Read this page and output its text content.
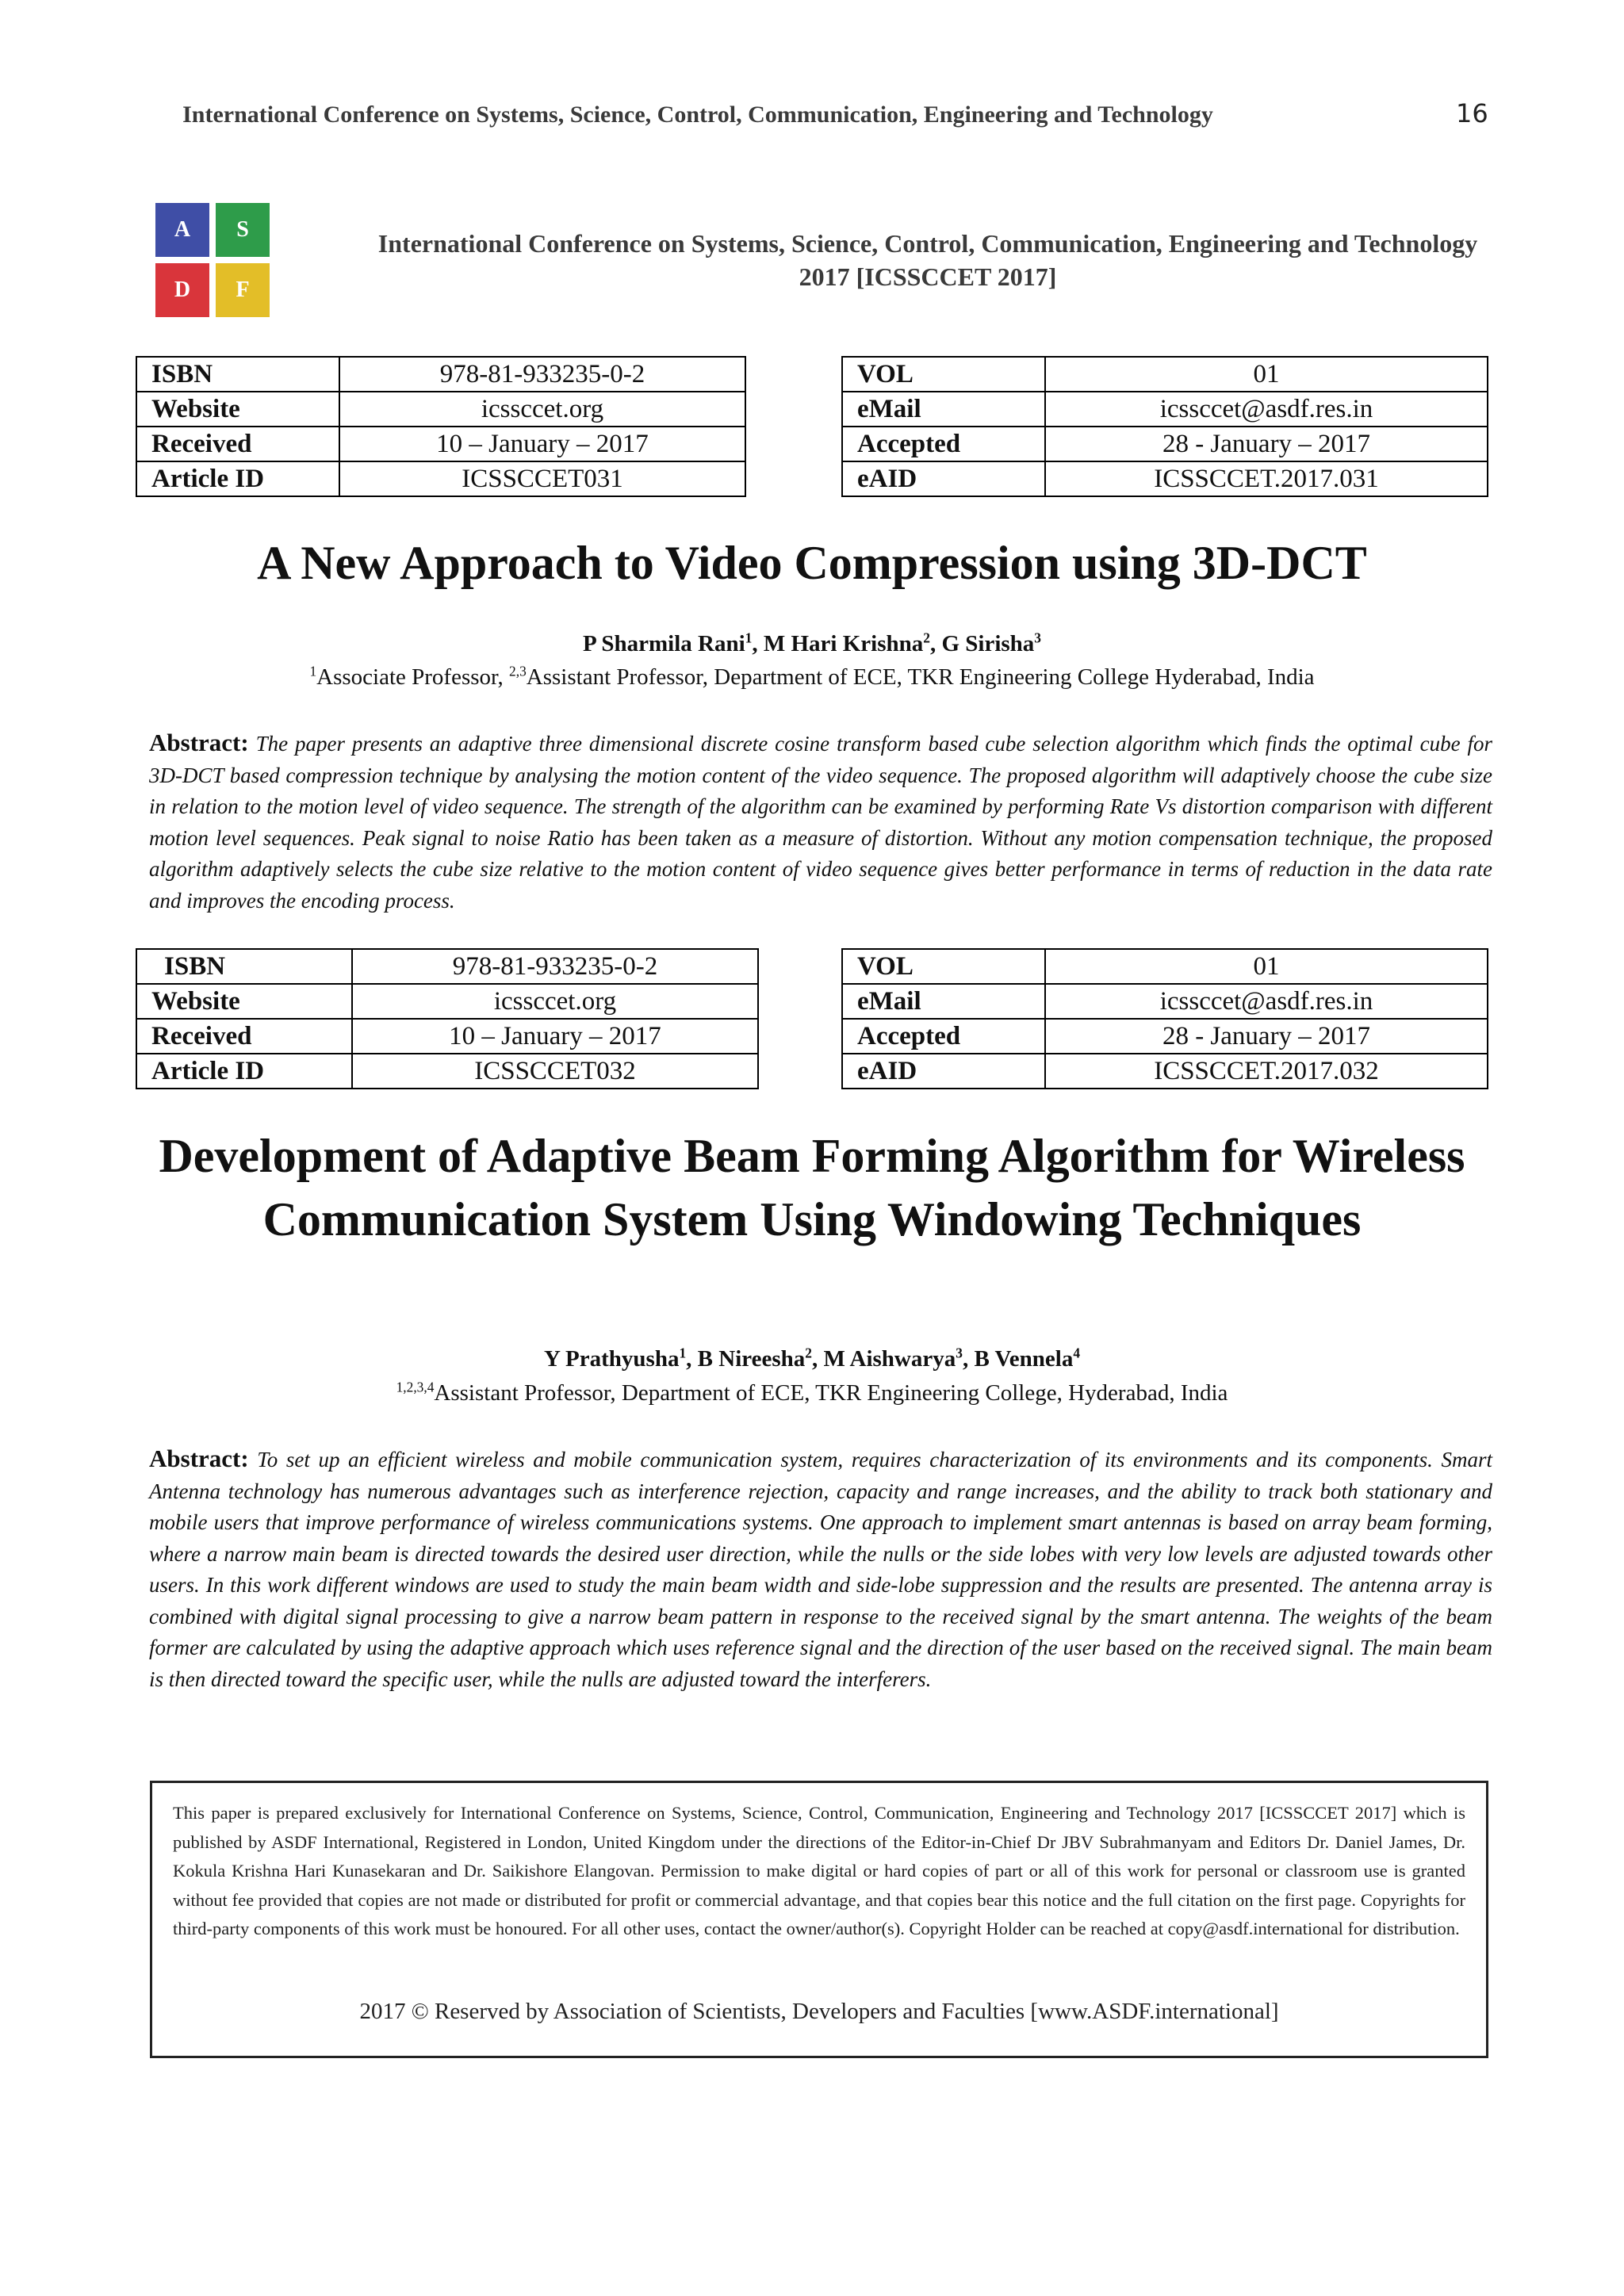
International Conference on Systems, Science, Control, Communication, Engineering and Technology	16
A	S
D	F
International Conference on Systems, Science, Control, Communication, Engineering and Technology 2017 [ICSSCCET 2017]
ISBN	978-81-933235-0-2
Website	icssccet.org
Received	10 – January – 2017
Article ID	ICSSCCET031
VOL	01
eMail	icssccet@asdf.res.in
Accepted	28 - January – 2017
eAID	ICSSCCET.2017.031
A New Approach to Video Compression using 3D-DCT
P Sharmila Rani$^1$, M Hari Krishna$^2$, G Sirisha$^3$
$^1$Associate Professor, $^{2,3}$Assistant Professor, Department of ECE, TKR Engineering College Hyderabad, India
Abstract: The paper presents an adaptive three dimensional discrete cosine transform based cube selection algorithm which finds the optimal cube for 3D-DCT based compression technique by analysing the motion content of the video sequence. The proposed algorithm will adaptively choose the cube size in relation to the motion level of video sequence. The strength of the algorithm can be examined by performing Rate Vs distortion comparison with different motion level sequences. Peak signal to noise Ratio has been taken as a measure of distortion. Without any motion compensation technique, the proposed algorithm adaptively selects the cube size relative to the motion content of video sequence gives better performance in terms of reduction in the data rate and improves the encoding process.
ISBN	978-81-933235-0-2
Website	icssccet.org
Received	10 – January – 2017
Article ID	ICSSCCET032
VOL	01
eMail	icssccet@asdf.res.in
Accepted	28 - January – 2017
eAID	ICSSCCET.2017.032
Development of Adaptive Beam Forming Algorithm for Wireless Communication System Using Windowing Techniques
Y Prathyusha$^1$, B Nireesha$^2$, M Aishwarya$^3$, B Vennela$^4$
$^{1,2,3,4}$Assistant Professor, Department of ECE, TKR Engineering College, Hyderabad, India
Abstract: To set up an efficient wireless and mobile communication system, requires characterization of its environments and its components. Smart Antenna technology has numerous advantages such as interference rejection, capacity and range increases, and the ability to track both stationary and mobile users that improve performance of wireless communications systems. One approach to implement smart antennas is based on array beam forming, where a narrow main beam is directed towards the desired user direction, while the nulls or the side lobes with very low levels are adjusted towards other users. In this work different windows are used to study the main beam width and side-lobe suppression and the results are presented. The antenna array is combined with digital signal processing to give a narrow beam pattern in response to the received signal by the smart antenna. The weights of the beam former are calculated by using the adaptive approach which uses reference signal and the direction of the user based on the received signal. The main beam is then directed toward the specific user, while the nulls are adjusted toward the interferers.
This paper is prepared exclusively for International Conference on Systems, Science, Control, Communication, Engineering and Technology 2017 [ICSSCCET 2017] which is published by ASDF International, Registered in London, United Kingdom under the directions of the Editor-in-Chief Dr JBV Subrahmanyam and Editors Dr. Daniel James, Dr. Kokula Krishna Hari Kunasekaran and Dr. Saikishore Elangovan. Permission to make digital or hard copies of part or all of this work for personal or classroom use is granted without fee provided that copies are not made or distributed for profit or commercial advantage, and that copies bear this notice and the full citation on the first page. Copyrights for third-party components of this work must be honoured. For all other uses, contact the owner/author(s). Copyright Holder can be reached at copy@asdf.international for distribution.
2017 © Reserved by Association of Scientists, Developers and Faculties [www.ASDF.international]
